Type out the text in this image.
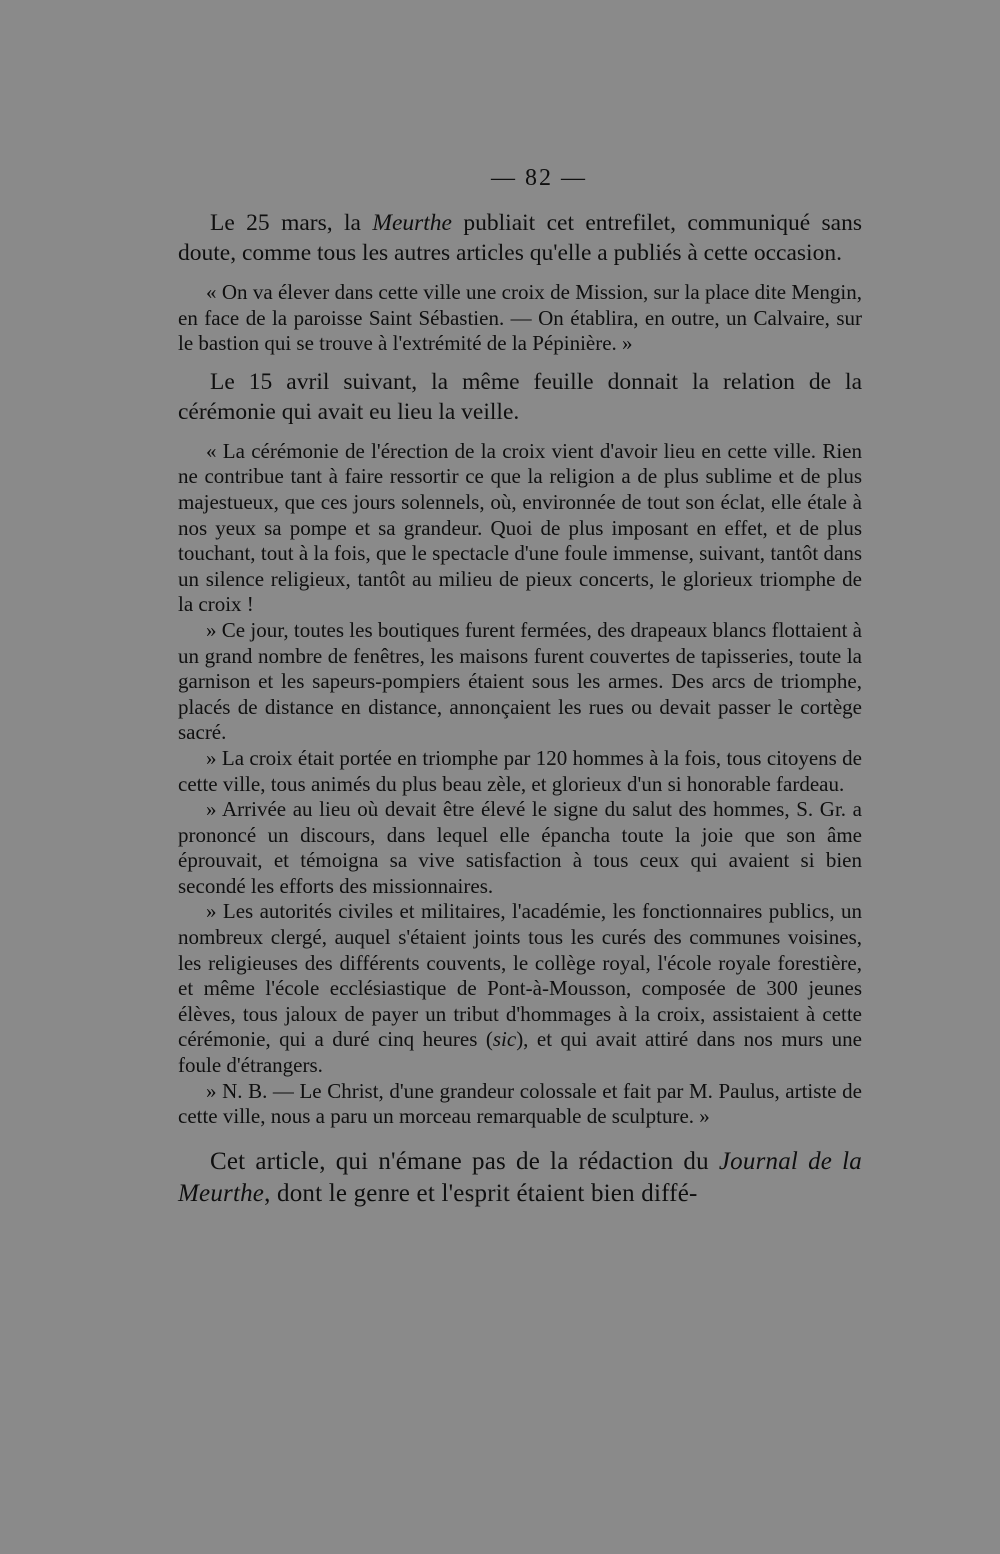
— 82 —

Le 25 mars, la Meurthe publiait cet entrefilet, communiqué sans doute, comme tous les autres articles qu'elle a publiés à cette occasion.

« On va élever dans cette ville une croix de Mission, sur la place dite Mengin, en face de la paroisse Saint Sébastien. — On établira, en outre, un Calvaire, sur le bastion qui se trouve à l'extrémité de la Pépinière. »

Le 15 avril suivant, la même feuille donnait la relation de la cérémonie qui avait eu lieu la veille.

« La cérémonie de l'érection de la croix vient d'avoir lieu en cette ville. Rien ne contribue tant à faire ressortir ce que la religion a de plus sublime et de plus majestueux, que ces jours solennels, où, environnée de tout son éclat, elle étale à nos yeux sa pompe et sa grandeur. Quoi de plus imposant en effet, et de plus touchant, tout à la fois, que le spectacle d'une foule immense, suivant, tantôt dans un silence religieux, tantôt au milieu de pieux concerts, le glorieux triomphe de la croix !

» Ce jour, toutes les boutiques furent fermées, des drapeaux blancs flottaient à un grand nombre de fenêtres, les maisons furent couvertes de tapisseries, toute la garnison et les sapeurs-pompiers étaient sous les armes. Des arcs de triomphe, placés de distance en distance, annonçaient les rues ou devait passer le cortège sacré.

» La croix était portée en triomphe par 120 hommes à la fois, tous citoyens de cette ville, tous animés du plus beau zèle, et glorieux d'un si honorable fardeau.

» Arrivée au lieu où devait être élevé le signe du salut des hommes, S. Gr. a prononcé un discours, dans lequel elle épancha toute la joie que son âme éprouvait, et témoigna sa vive satisfaction à tous ceux qui avaient si bien secondé les efforts des missionnaires.

» Les autorités civiles et militaires, l'académie, les fonctionnaires publics, un nombreux clergé, auquel s'étaient joints tous les curés des communes voisines, les religieuses des différents couvents, le collège royal, l'école royale forestière, et même l'école ecclésiastique de Pont-à-Mousson, composée de 300 jeunes élèves, tous jaloux de payer un tribut d'hommages à la croix, assistaient à cette cérémonie, qui a duré cinq heures (sic), et qui avait attiré dans nos murs une foule d'étrangers.

» N. B. — Le Christ, d'une grandeur colossale et fait par M. Paulus, artiste de cette ville, nous a paru un morceau remarquable de sculpture. »

Cet article, qui n'émane pas de la rédaction du Journal de la Meurthe, dont le genre et l'esprit étaient bien diffé-
